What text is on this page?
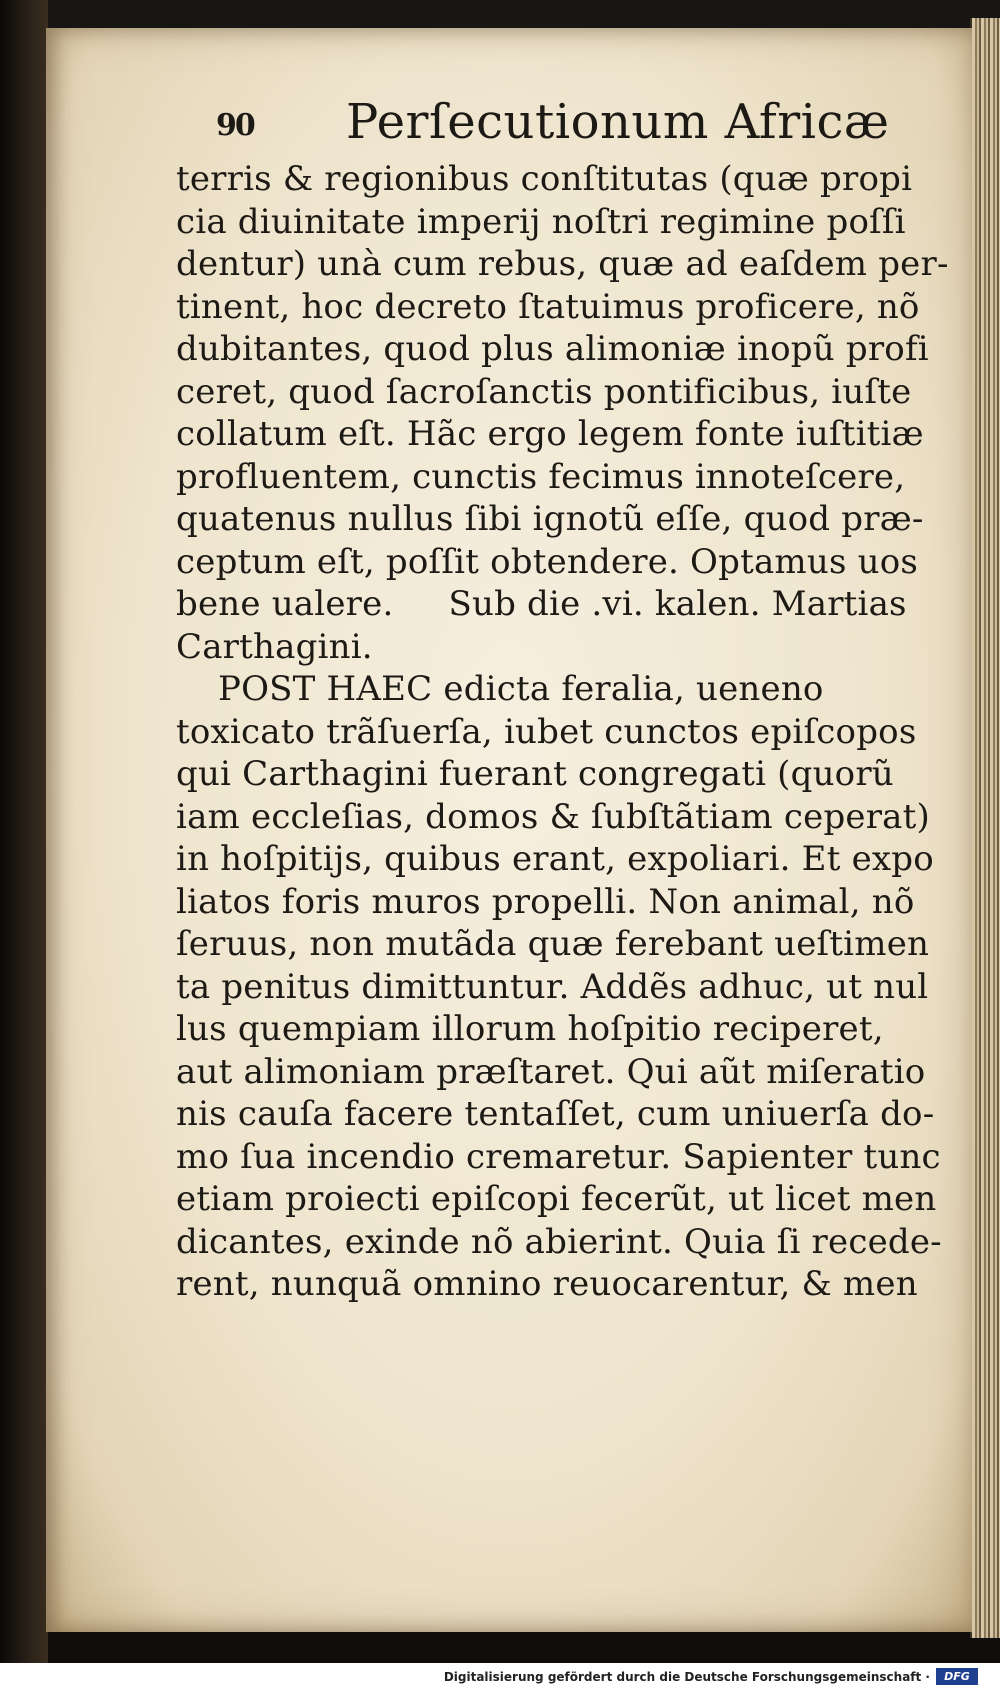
90 Perſecutionum Africæ
terris & regionibus conſtitutas (quæ propi
cia diuinitate imperij noſtri regimine poſſi
dentur) unà cum rebus, quæ ad eaſdem per-
tinent, hoc decreto ſtatuimus proficere, nõ
dubitantes, quod plus alimoniæ inopũ profi
ceret, quod ſacroſanctis pontificibus, iuſte
collatum eſt. Hãc ergo legem fonte iuſtitiæ
profluentem, cunctis fecimus innoteſcere,
quatenus nullus ſibi ignotũ eſſe, quod præ-
ceptum eſt, poſſit obtendere. Optamus uos
bene ualere.     Sub die .vi. kalen. Martias
Carthagini.
POST HAEC edicta feralia, ueneno
toxicato trãſuerſa, iubet cunctos epiſcopos
qui Carthagini fuerant congregati (quorũ
iam eccleſias, domos & ſubſtãtiam ceperat)
in hoſpitijs, quibus erant, expoliari. Et expo
liatos foris muros propelli. Non animal, nõ
ſeruus, non mutãda quæ ferebant ueſtimen
ta penitus dimittuntur. Addẽs adhuc, ut nul
lus quempiam illorum hoſpitio reciperet,
aut alimoniam præſtaret. Qui aũt miſeratio
nis cauſa facere tentaſſet, cum uniuerſa do-
mo ſua incendio cremaretur. Sapienter tunc
etiam proiecti epiſcopi fecerũt, ut licet men
dicantes, exinde nõ abierint. Quia ſi recede-
rent, nunquã omnino reuocarentur, & men
Digitalisierung gefördert durch die Deutsche Forschungsgemeinschaft ·	DFG
